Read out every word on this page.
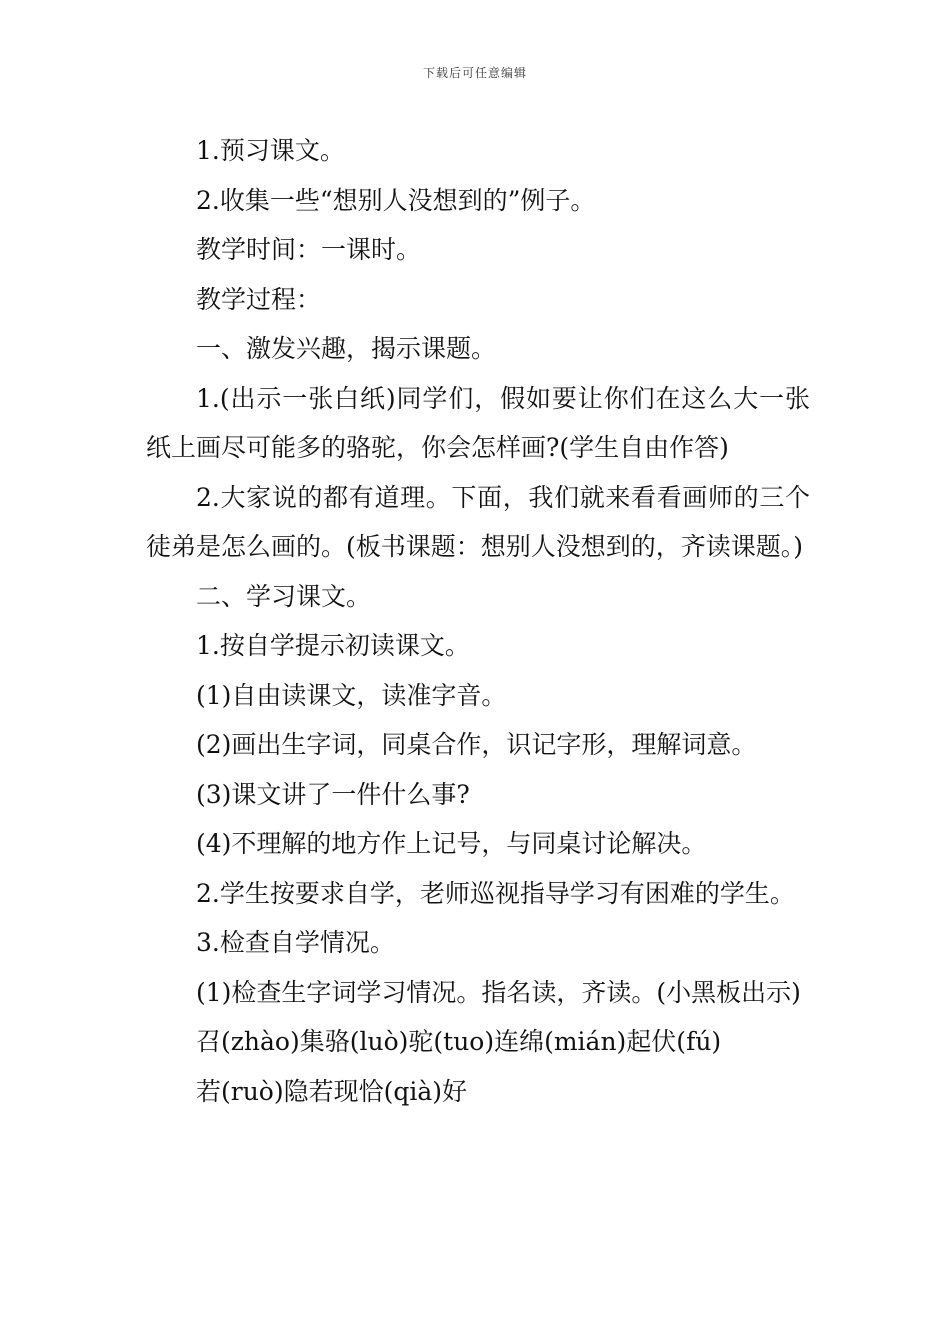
下载后可任意编辑

1.预习课文。

2.收集一些“想别人没想到的”例子。

教学时间：一课时。

教学过程：

一、激发兴趣，揭示课题。

1.(出示一张白纸)同学们，假如要让你们在这么大一张纸上画尽可能多的骆驼，你会怎样画?(学生自由作答)

2.大家说的都有道理。下面，我们就来看看画师的三个徒弟是怎么画的。(板书课题：想别人没想到的，齐读课题。)

二、学习课文。

1.按自学提示初读课文。

(1)自由读课文，读准字音。

(2)画出生字词，同桌合作，识记字形，理解词意。

(3)课文讲了一件什么事?

(4)不理解的地方作上记号，与同桌讨论解决。

2.学生按要求自学，老师巡视指导学习有困难的学生。

3.检查自学情况。

(1)检查生字词学习情况。指名读，齐读。(小黑板出示)

召(zhào)集骆(luò)驼(tuo)连绵(mián)起伏(fú)

若(ruò)隐若现恰(qià)好
